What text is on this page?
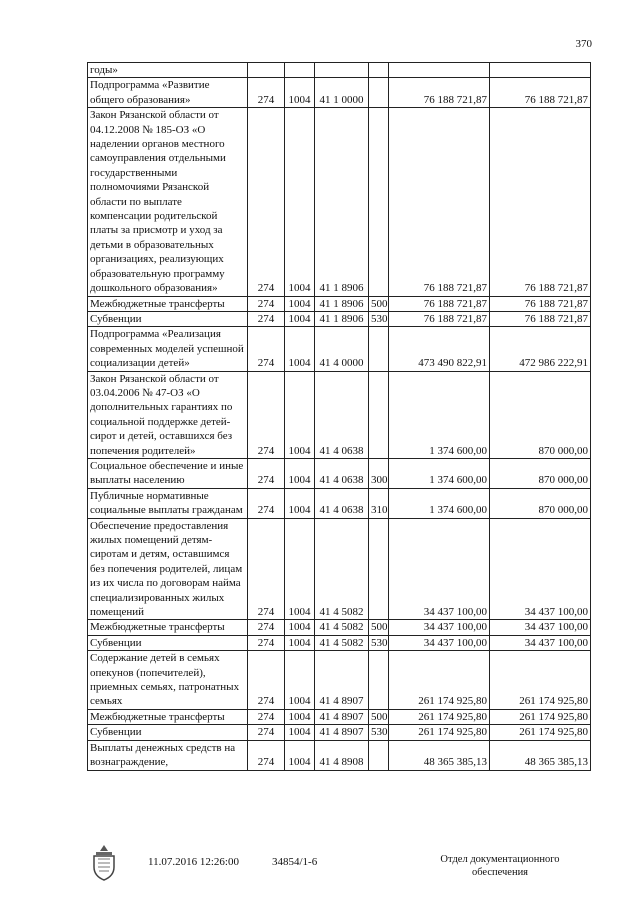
370
годы»						
Подпрограмма «Развитие общего образования»	274	1004	41 1 0000		76 188 721,87	76 188 721,87
Закон Рязанской области от 04.12.2008 № 185-ОЗ «О наделении органов местного самоуправления отдельными государственными полномочиями Рязанской области по выплате компенсации родительской платы за присмотр и уход за детьми в образовательных организациях, реализующих образовательную программу дошкольного образования»	274	1004	41 1 8906		76 188 721,87	76 188 721,87
Межбюджетные трансферты	274	1004	41 1 8906	500	76 188 721,87	76 188 721,87
Субвенции	274	1004	41 1 8906	530	76 188 721,87	76 188 721,87
Подпрограмма «Реализация современных моделей успешной социализации детей»	274	1004	41 4 0000		473 490 822,91	472 986 222,91
Закон Рязанской области от 03.04.2006 № 47-ОЗ «О дополнительных гарантиях по социальной поддержке детей-сирот и детей, оставшихся без попечения родителей»	274	1004	41 4 0638		1 374 600,00	870 000,00
Социальное обеспечение и иные выплаты населению	274	1004	41 4 0638	300	1 374 600,00	870 000,00
Публичные нормативные социальные выплаты гражданам	274	1004	41 4 0638	310	1 374 600,00	870 000,00
Обеспечение предоставления жилых помещений детям-сиротам и детям, оставшимся без попечения родителей, лицам из их числа по договорам найма специализированных жилых помещений	274	1004	41 4 5082		34 437 100,00	34 437 100,00
Межбюджетные трансферты	274	1004	41 4 5082	500	34 437 100,00	34 437 100,00
Субвенции	274	1004	41 4 5082	530	34 437 100,00	34 437 100,00
Содержание детей в семьях опекунов (попечителей), приемных семьях, патронатных семьях	274	1004	41 4 8907		261 174 925,80	261 174 925,80
Межбюджетные трансферты	274	1004	41 4 8907	500	261 174 925,80	261 174 925,80
Субвенции	274	1004	41 4 8907	530	261 174 925,80	261 174 925,80
Выплаты денежных средств на вознаграждение,	274	1004	41 4 8908		48 365 385,13	48 365 385,13
11.07.2016 12:26:00	34854/1-6	Отдел документационного
обеспечения
